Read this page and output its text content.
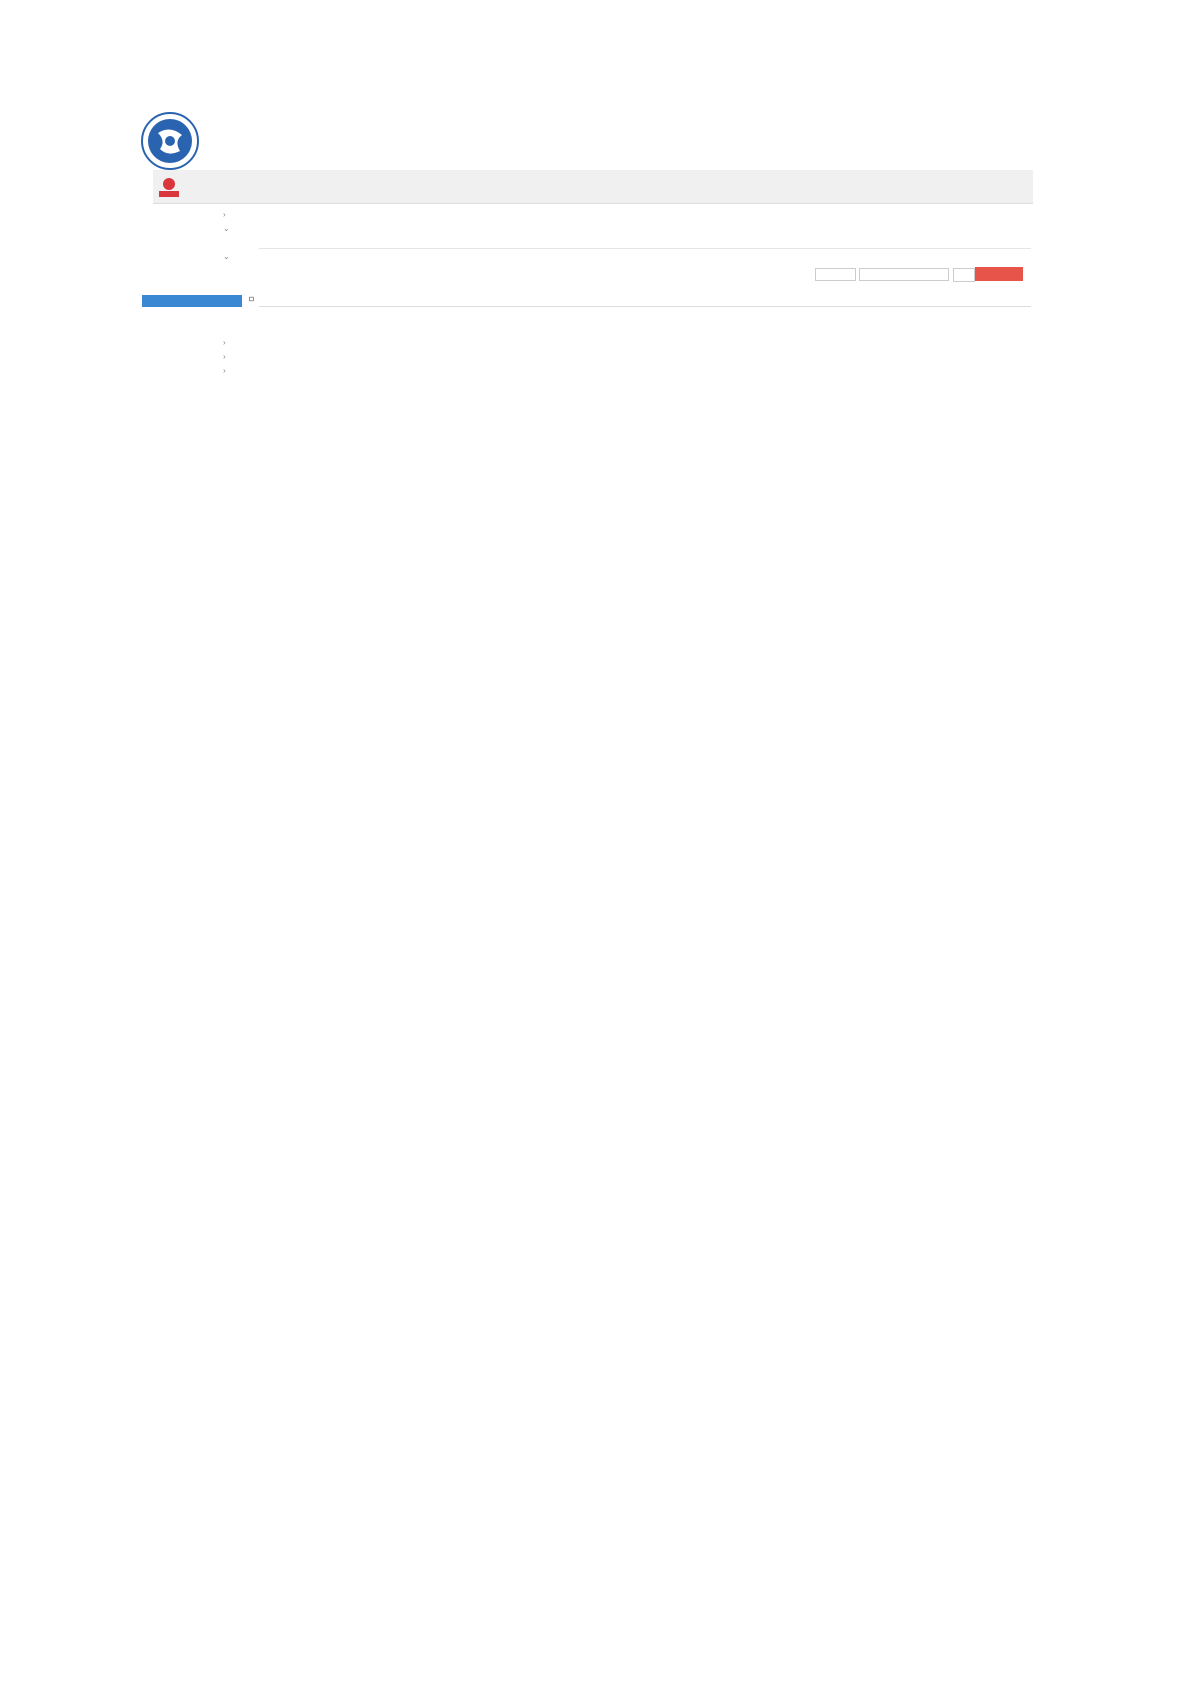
›
⌄
⌄
›
›
›
☐
